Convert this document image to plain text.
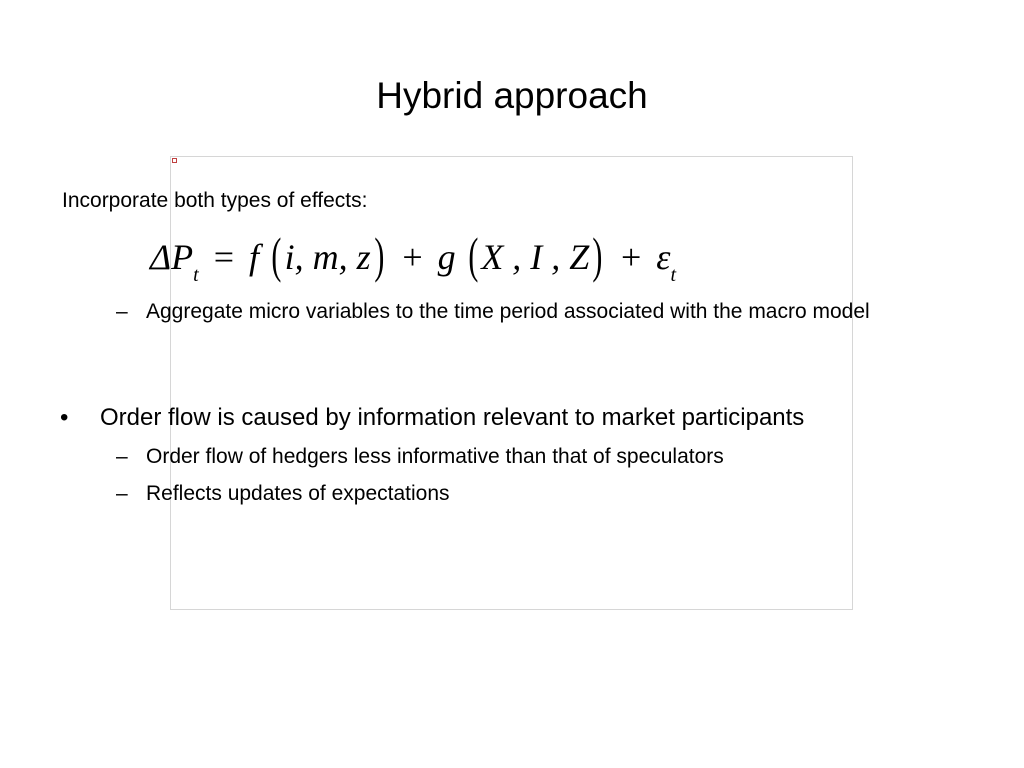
Hybrid approach
Incorporate both types of effects:
$\Delta P_t = f$ (i, m, z) + g (X , I , $Z) + \varepsilon_t$
– Aggregate micro variables to the time period associated with the macro model
• Order flow is caused by information relevant to market participants
– Order flow of hedgers less informative than that of speculators
– Reflects updates of expectations
